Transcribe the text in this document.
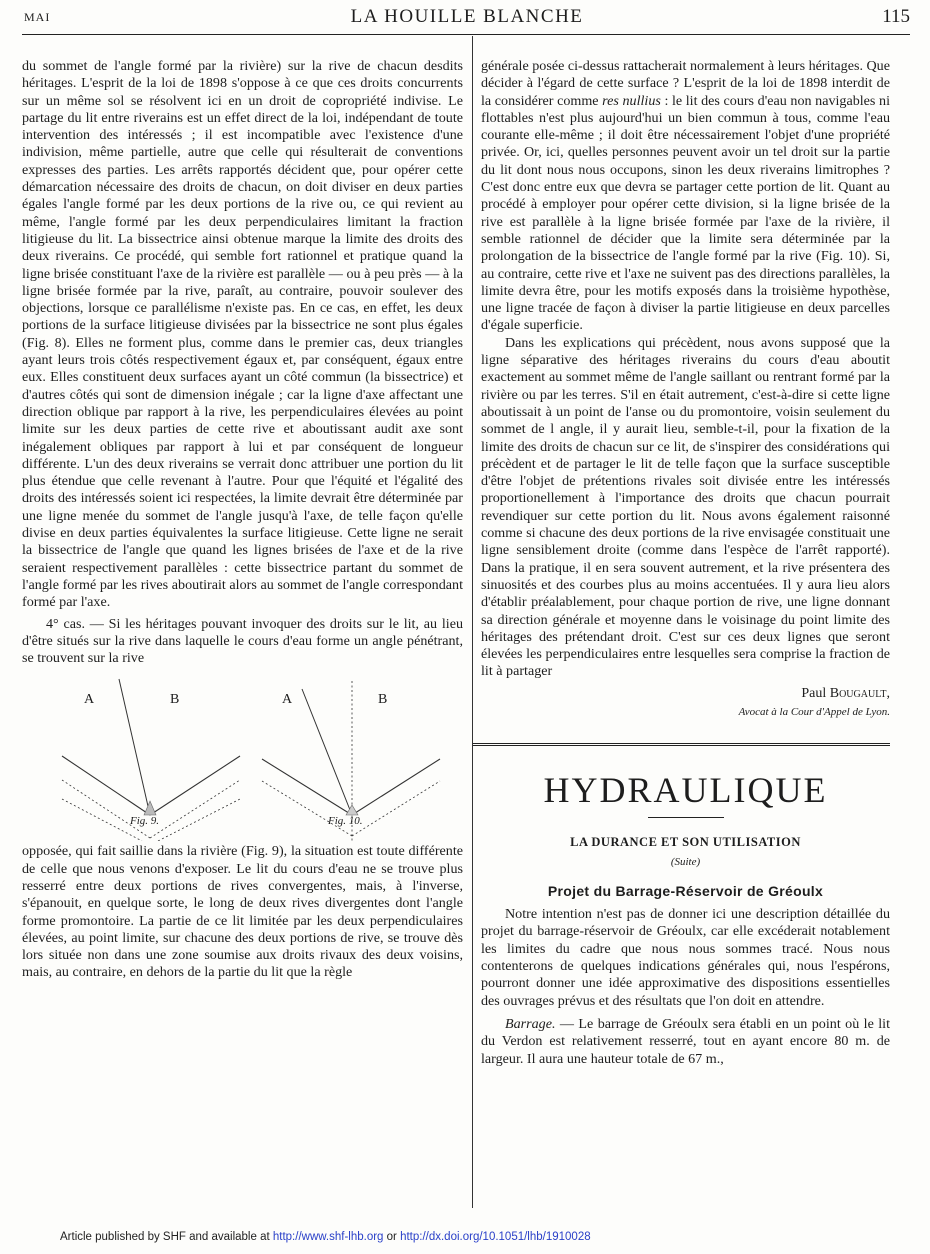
MAI	LA HOUILLE BLANCHE	115

du sommet de l'angle formé par la rivière) sur la rive de chacun desdits héritages. L'esprit de la loi de 1898 s'oppose à ce que ces droits concurrents sur un même sol se résolvent ici en un droit de copropriété indivise. Le partage du lit entre riverains est un effet direct de la loi, indépendant de toute intervention des intéressés ; il est incompatible avec l'existence d'une indivision, même partielle, autre que celle qui résulterait de conventions expresses des parties. Les arrêts rapportés décident que, pour opérer cette démarcation nécessaire des droits de chacun, on doit diviser en deux parties égales l'angle formé par les deux portions de la rive ou, ce qui revient au même, l'angle formé par les deux perpendiculaires limitant la fraction litigieuse du lit. La bissectrice ainsi obtenue marque la limite des droits des deux riverains. Ce procédé, qui semble fort rationnel et pratique quand la ligne brisée constituant l'axe de la rivière est parallèle — ou à peu près — à la ligne brisée formée par la rive, paraît, au contraire, pouvoir soulever des objections, lorsque ce parallélisme n'existe pas. En ce cas, en effet, les deux portions de la surface litigieuse divisées par la bissectrice ne sont plus égales (Fig. 8). Elles ne forment plus, comme dans le premier cas, deux triangles ayant leurs trois côtés respectivement égaux et, par conséquent, égaux entre eux. Elles constituent deux surfaces ayant un côté commun (la bissectrice) et d'autres côtés qui sont de dimension inégale ; car la ligne d'axe affectant une direction oblique par rapport à la rive, les perpendiculaires élevées au point limite sur les deux parties de cette rive et aboutissant audit axe sont inégalement obliques par rapport à lui et par conséquent de longueur différente. L'un des deux riverains se verrait donc attribuer une portion du lit plus étendue que celle revenant à l'autre. Pour que l'équité et l'égalité des droits des intéressés soient ici respectées, la limite devrait être déterminée par une ligne menée du sommet de l'angle jusqu'à l'axe, de telle façon qu'elle divise en deux parties équivalentes la surface litigieuse. Cette ligne ne serait la bissectrice de l'angle que quand les lignes brisées de l'axe et de la rive seraient respectivement parallèles : cette bissectrice partant du sommet de l'angle formé par les rives aboutirait alors au sommet de l'angle correspondant formé par l'axe.

4° cas. — Si les héritages pouvant invoquer des droits sur le lit, au lieu d'être situés sur la rive dans laquelle le cours d'eau forme un angle pénétrant, se trouvent sur la rive

A	B	A	B
Fig. 9.	Fig. 10.

opposée, qui fait saillie dans la rivière (Fig. 9), la situation est toute différente de celle que nous venons d'exposer. Le lit du cours d'eau ne se trouve plus resserré entre deux portions de rives convergentes, mais, à l'inverse, s'épanouit, en quelque sorte, le long de deux rives divergentes dont l'angle forme promontoire. La partie de ce lit limitée par les deux perpendiculaires élevées, au point limite, sur chacune des deux portions de rive, se trouve dès lors située non dans une zone soumise aux droits rivaux des deux voisins, mais, au contraire, en dehors de la partie du lit que la règle

générale posée ci-dessus rattacherait normalement à leurs héritages. Que décider à l'égard de cette surface ? L'esprit de la loi de 1898 interdit de la considérer comme res nullius : le lit des cours d'eau non navigables ni flottables n'est plus aujourd'hui un bien commun à tous, comme l'eau courante elle-même ; il doit être nécessairement l'objet d'une propriété privée. Or, ici, quelles personnes peuvent avoir un tel droit sur la partie du lit dont nous nous occupons, sinon les deux riverains limitrophes ? C'est donc entre eux que devra se partager cette portion de lit. Quant au procédé à employer pour opérer cette division, si la ligne brisée de la rive est parallèle à la ligne brisée formée par l'axe de la rivière, il semble rationnel de décider que la limite sera déterminée par la prolongation de la bissectrice de l'angle formé par la rive (Fig. 10). Si, au contraire, cette rive et l'axe ne suivent pas des directions parallèles, la limite devra être, pour les motifs exposés dans la troisième hypothèse, une ligne tracée de façon à diviser la partie litigieuse en deux parcelles d'égale superficie.

Dans les explications qui précèdent, nous avons supposé que la ligne séparative des héritages riverains du cours d'eau aboutit exactement au sommet même de l'angle saillant ou rentrant formé par la rivière ou par les terres. S'il en était autrement, c'est-à-dire si cette ligne aboutissait à un point de l'anse ou du promontoire, voisin seulement du sommet de l angle, il y aurait lieu, semble-t-il, pour la fixation de la limite des droits de chacun sur ce lit, de s'inspirer des considérations qui précèdent et de partager le lit de telle façon que la surface susceptible d'être l'objet de prétentions rivales soit divisée entre les intéressés proportionellement à l'importance des droits que chacun pourrait revendiquer sur cette portion du lit. Nous avons également raisonné comme si chacune des deux portions de la rive envisagée constituait une ligne sensiblement droite (comme dans l'espèce de l'arrêt rapporté). Dans la pratique, il en sera souvent autrement, et la rive présentera des sinuosités et des courbes plus au moins accentuées. Il y aura lieu alors d'établir préalablement, pour chaque portion de rive, une ligne donnant sa direction générale et moyenne dans le voisinage du point limite des héritages des prétendant droit. C'est sur ces deux lignes que seront élevées les perpendiculaires entre lesquelles sera comprise la fraction de lit à partager

Paul Bougault,
Avocat à la Cour d'Appel de Lyon.
HYDRAULIQUE
LA DURANCE ET SON UTILISATION
(Suite)
Projet du Barrage-Réservoir de Gréoulx

Notre intention n'est pas de donner ici une description détaillée du projet du barrage-réservoir de Gréoulx, car elle excéderait notablement les limites du cadre que nous nous sommes tracé. Nous nous contenterons de quelques indications générales qui, nous l'espérons, pourront donner une idée approximative des dispositions essentielles des ouvrages prévus et des résultats que l'on doit en attendre.

Barrage. — Le barrage de Gréoulx sera établi en un point où le lit du Verdon est relativement resserré, tout en ayant encore 80 m. de largeur. Il aura une hauteur totale de 67 m.,

Article published by SHF and available at http://www.shf-lhb.org or http://dx.doi.org/10.1051/lhb/1910028
